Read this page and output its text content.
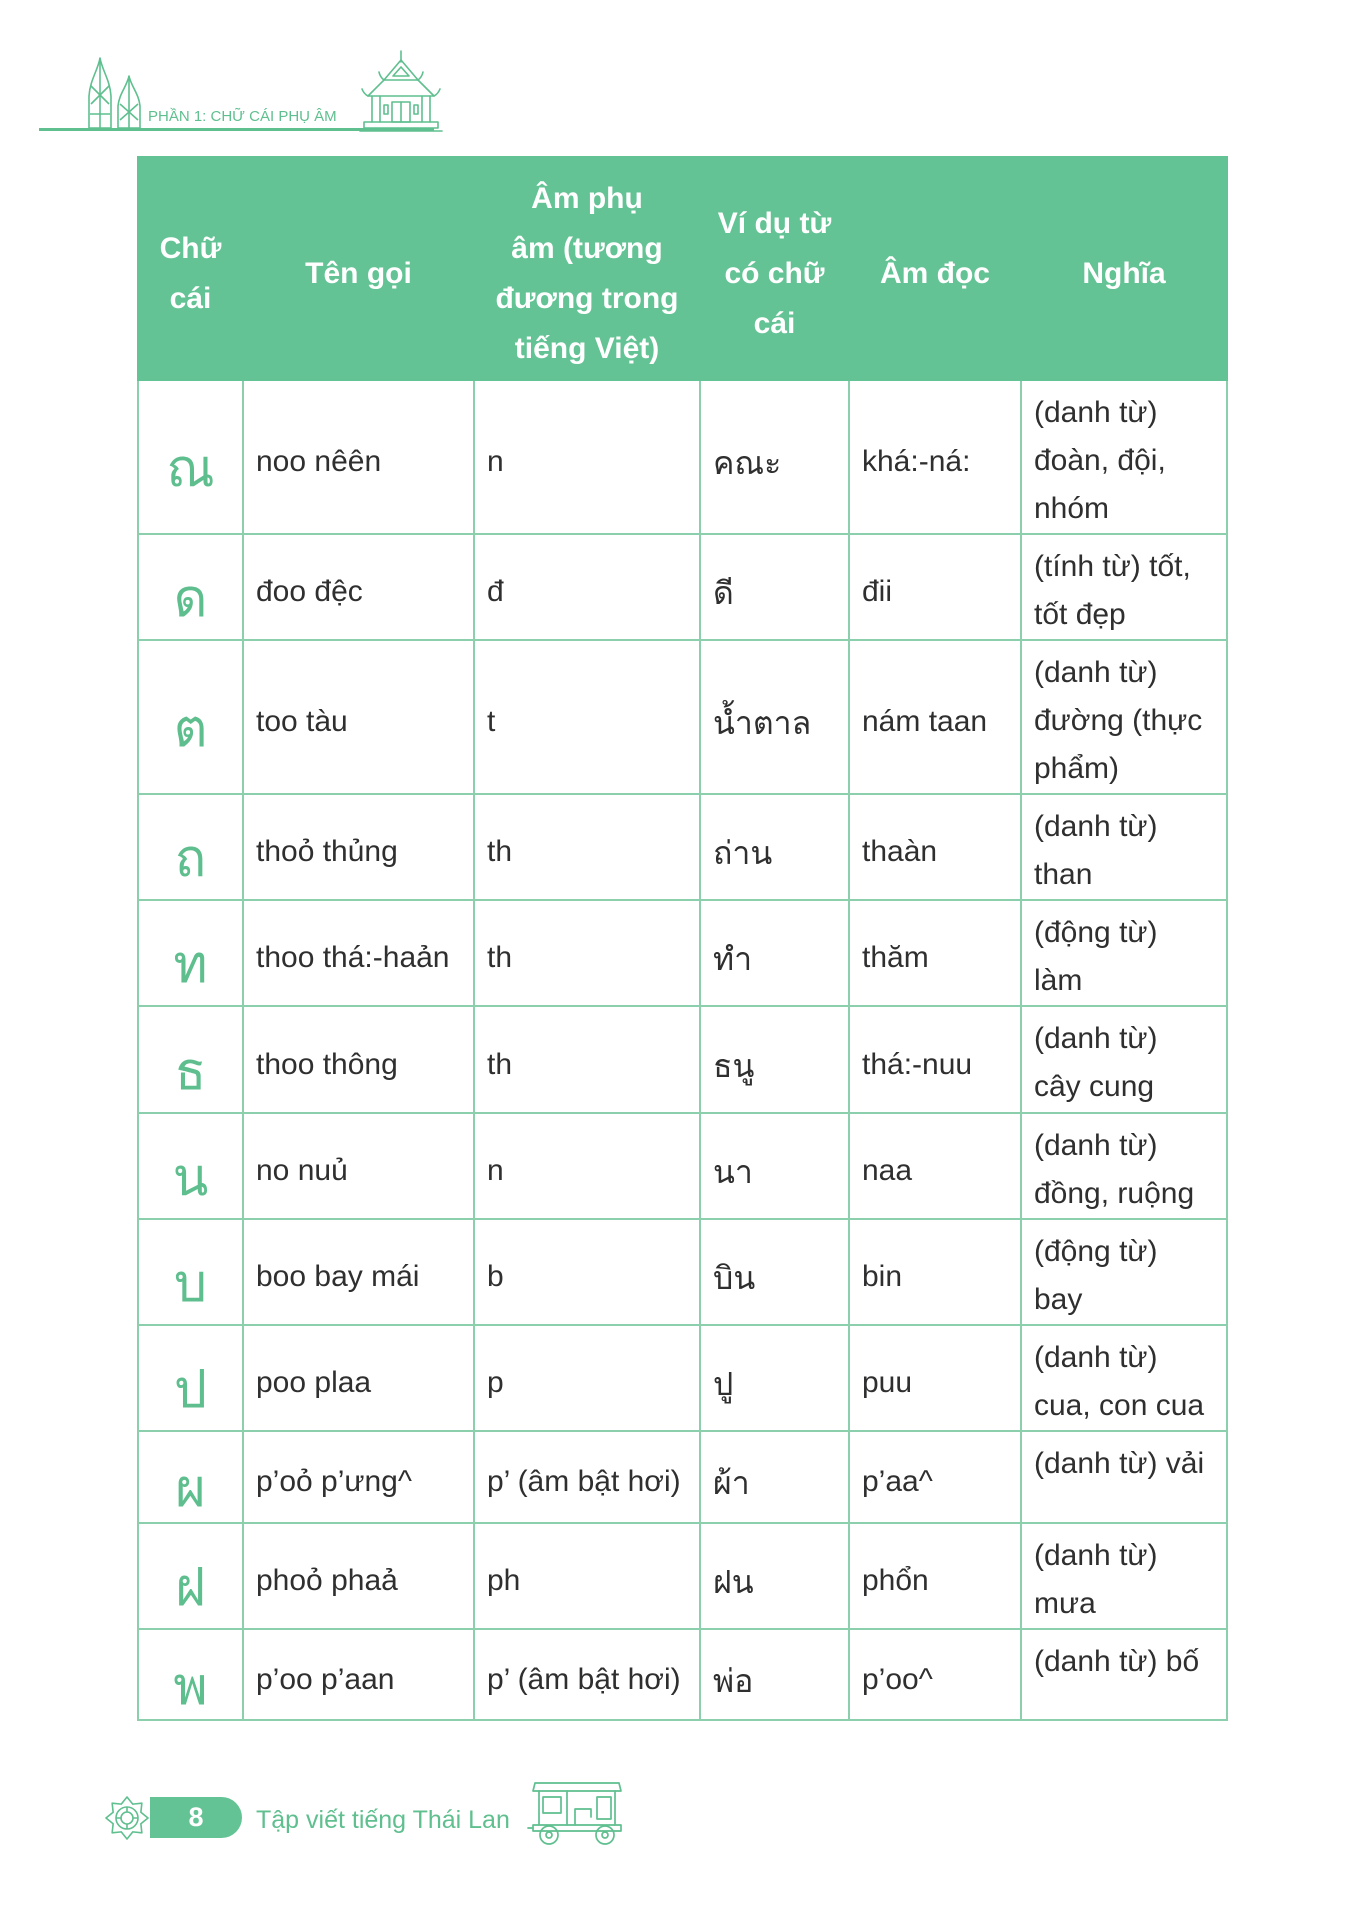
PHẦN 1: CHỮ CÁI PHỤ ÂM
Chữ
cái	Tên gọi	Âm phụ
âm (tương
đương trong
tiếng Việt)	Ví dụ từ
có chữ
cái	Âm đọc	Nghĩa

ณ	noo nêên	n	คณะ	khá:-ná:	(danh từ)
đoàn, đội,
nhóm

ด	đoo đệc	đ	ดี	đii	(tính từ) tốt,
tốt đẹp

ต	too tàu	t	น้ำตาล	nám taan	(danh từ)
đường (thực
phẩm)

ถ	thoỏ thủng	th	ถ่าน	thaàn	(danh từ)
than

ท	thoo thá:-haản	th	ทำ	thăm	(động từ)
làm

ธ	thoo thông	th	ธนู	thá:-nuu	(danh từ)
cây cung

น	no nuủ	n	นา	naa	(danh từ)
đồng, ruộng

บ	boo bay mái	b	บิน	bin	(động từ)
bay

ป	poo plaa	p	ปู	puu	(danh từ)
cua, con cua

ผ	p’oỏ p’ưng^	p’ (âm bật hơi)	ผ้า	p’aa^	(danh từ) vải

ฝ	phoỏ phaả	ph	ฝน	phổn	(danh từ)
mưa

พ	p’oo p’aan	p’ (âm bật hơi)	พ่อ	p’oo^	(danh từ) bố
8	Tập viết tiếng Thái Lan
